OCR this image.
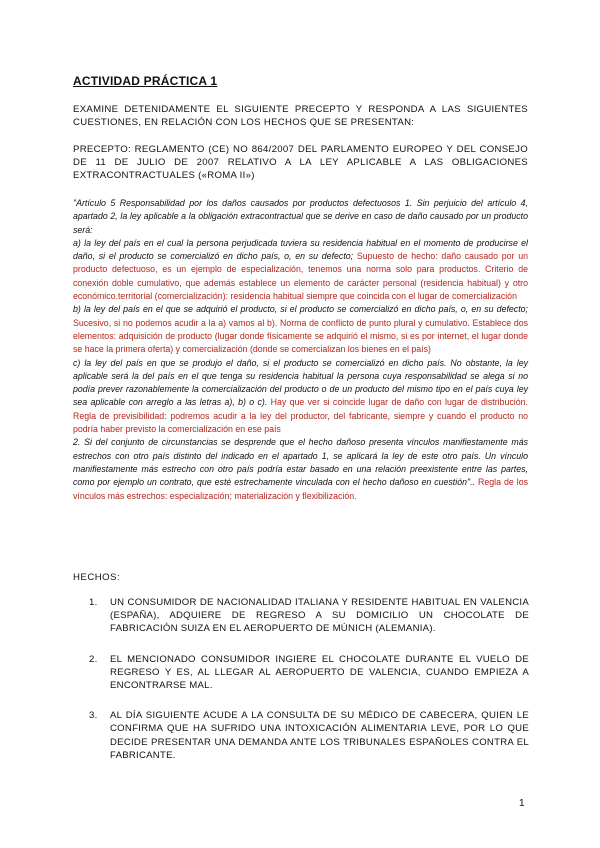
ACTIVIDAD PRÁCTICA 1
EXAMINE DETENIDAMENTE EL SIGUIENTE PRECEPTO Y RESPONDA A LAS SIGUIENTES CUESTIONES, EN RELACIÓN CON LOS HECHOS QUE SE PRESENTAN:
PRECEPTO: REGLAMENTO (CE) NO 864/2007 DEL PARLAMENTO EUROPEO Y DEL CONSEJO DE 11 DE JULIO DE 2007 RELATIVO A LA LEY APLICABLE A LAS OBLIGACIONES EXTRACONTRACTUALES («ROMA II»)
"Artículo 5 Responsabilidad por los daños causados por productos defectuosos 1. Sin perjuicio del artículo 4, apartado 2, la ley aplicable a la obligación extracontractual que se derive en caso de daño causado por un producto será:
a) la ley del país en el cual la persona perjudicada tuviera su residencia habitual en el momento de producirse el daño, si el producto se comercializó en dicho país, o, en su defecto; Supuesto de hecho: daño causado por un producto defectuoso, es un ejemplo de especialización, tenemos una norma solo para productos. Criterio de conexión doble cumulativo, que además establece un elemento de carácter personal (residencia habitual) y otro económico.territorial (comercialización): residencia habitual siempre que coincida con el lugar de comercialización
b) la ley del país en el que se adquirió el producto, si el producto se comercializó en dicho país, o, en su defecto; Sucesivo, si no podemos acudir a la a) vamos al b). Norma de conflicto de punto plural y cumulativo. Establece dos elementos: adquisición de producto (lugar donde físicamente se adquirió el mismo, si es por internet, el lugar donde se hace la primera oferta) y comercialización (donde se comercializan los bienes en el país)
c) la ley del país en que se produjo el daño, si el producto se comercializó en dicho país. No obstante, la ley aplicable será la del país en el que tenga su residencia habitual la persona cuya responsabilidad se alega si no podía prever razonablemente la comercialización del producto o de un producto del mismo tipo en el país cuya ley sea aplicable con arreglo a las letras a), b) o c). Hay que ver si coincide lugar de daño con lugar de distribución. Regla de previsibilidad: podremos acudir a la ley del productor, del fabricante, siempre y cuando el producto no podría haber previsto la comercialización en ese país
2. Si del conjunto de circunstancias se desprende que el hecho dañoso presenta vínculos manifiestamente más estrechos con otro país distinto del indicado en el apartado 1, se aplicará la ley de este otro país. Un vínculo manifiestamente más estrecho con otro país podría estar basado en una relación preexistente entre las partes, como por ejemplo un contrato, que esté estrechamente vinculada con el hecho dañoso en cuestión".. Regla de los vínculos más estrechos: especialización; materialización y flexibilización.
HECHOS:
1. UN CONSUMIDOR DE NACIONALIDAD ITALIANA Y RESIDENTE HABITUAL EN VALENCIA (ESPAÑA), ADQUIERE DE REGRESO A SU DOMICILIO UN CHOCOLATE DE FABRICACIÓN SUIZA EN EL AEROPUERTO DE MÚNICH (ALEMANIA).
2. EL MENCIONADO CONSUMIDOR INGIERE EL CHOCOLATE DURANTE EL VUELO DE REGRESO Y ES, AL LLEGAR AL AEROPUERTO DE VALENCIA, CUANDO EMPIEZA A ENCONTRARSE MAL.
3. AL DÍA SIGUIENTE ACUDE A LA CONSULTA DE SU MÉDICO DE CABECERA, QUIEN LE CONFIRMA QUE HA SUFRIDO UNA INTOXICACIÓN ALIMENTARIA LEVE, POR LO QUE DECIDE PRESENTAR UNA DEMANDA ANTE LOS TRIBUNALES ESPAÑOLES CONTRA EL FABRICANTE.
1
